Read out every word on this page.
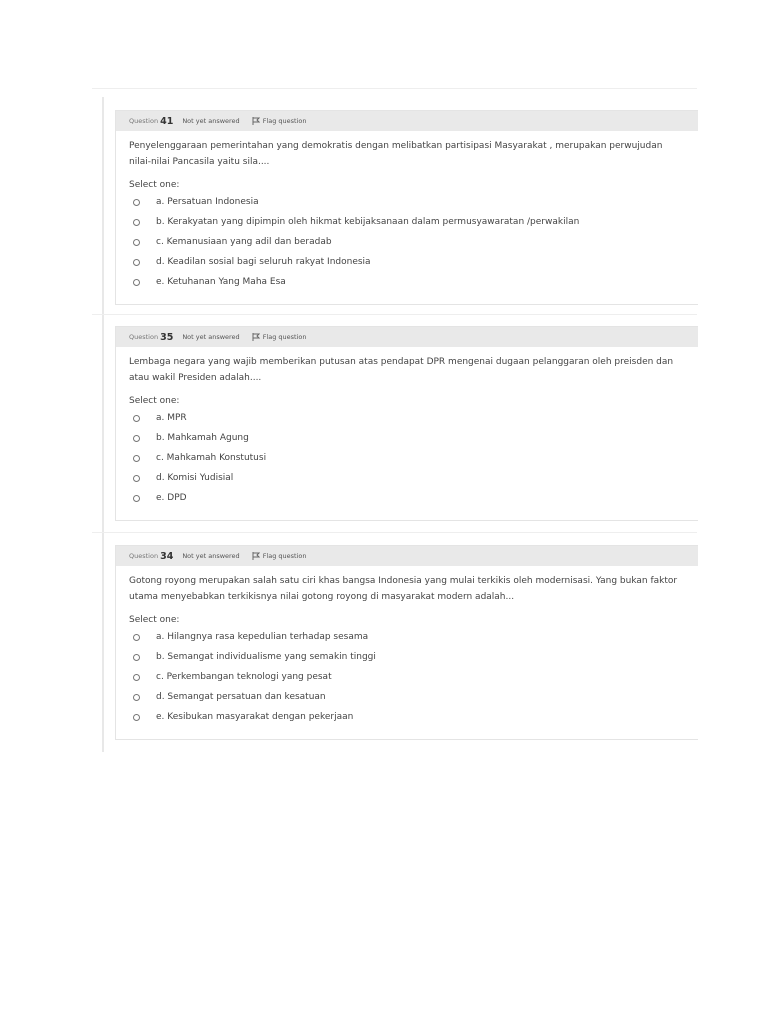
Question 41 Not yet answered	Flag question
Penyelenggaraan pemerintahan yang demokratis dengan melibatkan partisipasi Masyarakat , merupakan perwujudan nilai-nilai Pancasila yaitu sila....
Select one:
a. Persatuan Indonesia
b. Kerakyatan yang dipimpin oleh hikmat kebijaksanaan dalam permusyawaratan /perwakilan
c. Kemanusiaan yang adil dan beradab
d. Keadilan sosial bagi seluruh rakyat Indonesia
e. Ketuhanan Yang Maha Esa
Question 35 Not yet answered	Flag question
Lembaga negara yang wajib memberikan putusan atas pendapat DPR mengenai dugaan pelanggaran oleh preisden dan atau wakil Presiden adalah....
Select one:
a. MPR
b. Mahkamah Agung
c. Mahkamah Konstutusi
d. Komisi Yudisial
e. DPD
Question 34 Not yet answered	Flag question
Gotong royong merupakan salah satu ciri khas bangsa Indonesia yang mulai terkikis oleh modernisasi. Yang bukan faktor utama menyebabkan terkikisnya nilai gotong royong di masyarakat modern adalah...
Select one:
a. Hilangnya rasa kepedulian terhadap sesama
b. Semangat individualisme yang semakin tinggi
c. Perkembangan teknologi yang pesat
d. Semangat persatuan dan kesatuan
e. Kesibukan masyarakat dengan pekerjaan
